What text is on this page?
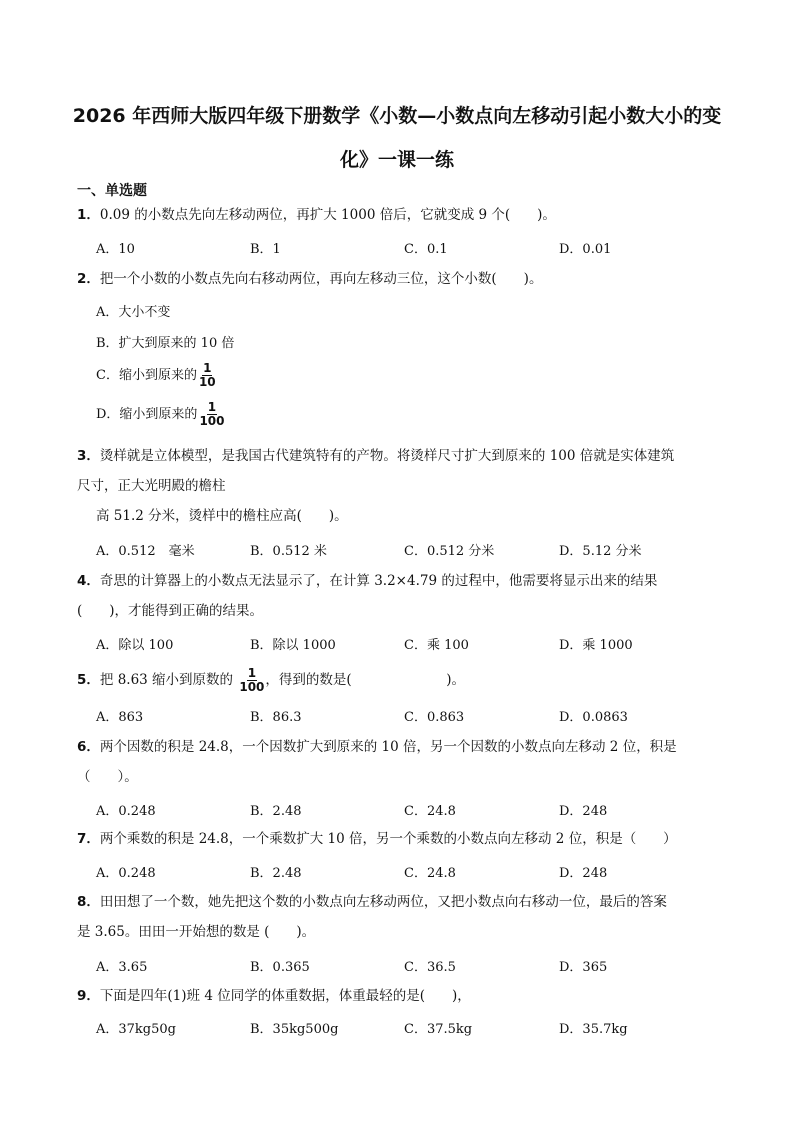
2026 年西师大版四年级下册数学《小数—小数点向左移动引起小数大小的变
化》一课一练
一、单选题
1．0.09 的小数点先向左移动两位，再扩大 1000 倍后，它就变成 9 个(　　)。
A．10	B．1	C．0.1	D．0.01
2．把一个小数的小数点先向右移动两位，再向左移动三位，这个小数(　　)。
A．大小不变
B．扩大到原来的 10 倍
C．缩小到原来的 $\frac{1}{10}$
D．缩小到原来的 $\frac{1}{100}$
3．烫样就是立体模型，是我国古代建筑特有的产物。将烫样尺寸扩大到原来的 100 倍就是实体建筑
尺寸，正大光明殿的檐柱
高 51.2 分米，烫样中的檐柱应高(　　)。
A．0.512　毫米	B．0.512 米	C．0.512 分米	D．5.12 分米
4．奇思的计算器上的小数点无法显示了，在计算 3.2×4.79 的过程中，他需要将显示出来的结果
(　　)，才能得到正确的结果。
A．除以 100	B．除以 1000	C．乘 100	D．乘 1000
5．把 8.63 缩小到原数的 $\frac{1}{100}$ ，得到的数是(　　　　　　　)。
A．863	B．86.3	C．0.863	D．0.0863
6．两个因数的积是 24.8，一个因数扩大到原来的 10 倍，另一个因数的小数点向左移动 2 位，积是
（　　）。
A．0.248	B．2.48	C．24.8	D．248
7．两个乘数的积是 24.8，一个乘数扩大 10 倍，另一个乘数的小数点向左移动 2 位，积是（　　）
A．0.248	B．2.48	C．24.8	D．248
8．田田想了一个数，她先把这个数的小数点向左移动两位，又把小数点向右移动一位，最后的答案
是 3.65。田田一开始想的数是 (　　)。
A．3.65	B．0.365	C．36.5	D．365
9．下面是四年(1)班 4 位同学的体重数据，体重最轻的是(　　)，
A．37kg50g	B．35kg500g	C．37.5kg	D．35.7kg
